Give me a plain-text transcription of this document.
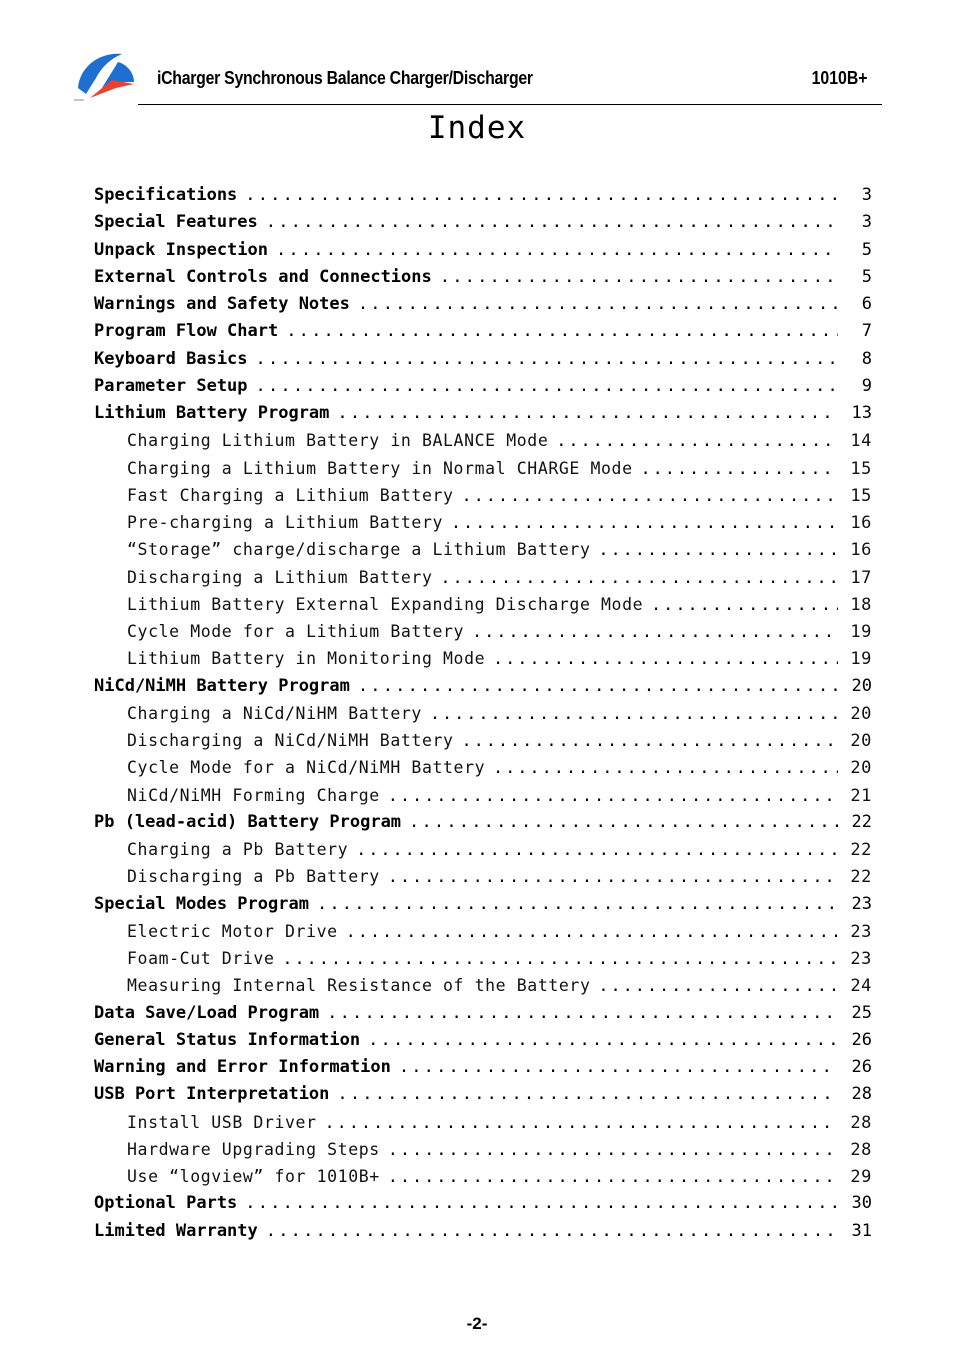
iCharger Synchronous Balance Charger/Discharger	1010B+
Index
Specifications .....	3
Special Features .....	3
Unpack Inspection .....	5
External Controls and Connections .....	5
Warnings and Safety Notes .....	6
Program Flow Chart .....	7
Keyboard Basics .....	8
Parameter Setup .....	9
Lithium Battery Program .....	13
Charging Lithium Battery in BALANCE Mode .....	14
Charging a Lithium Battery in Normal CHARGE Mode .....	15
Fast Charging a Lithium Battery .....	15
Pre-charging a Lithium Battery .....	16
“Storage” charge/discharge a Lithium Battery .....	16
Discharging a Lithium Battery .....	17
Lithium Battery External Expanding Discharge Mode .....	18
Cycle Mode for a Lithium Battery .....	19
Lithium Battery in Monitoring Mode .....	19
NiCd/NiMH Battery Program .....	20
Charging a NiCd/NiHM Battery .....	20
Discharging a NiCd/NiMH Battery .....	20
Cycle Mode for a NiCd/NiMH Battery .....	20
NiCd/NiMH Forming Charge .....	21
Pb (lead-acid) Battery Program .....	22
Charging a Pb Battery .....	22
Discharging a Pb Battery .....	22
Special Modes Program .....	23
Electric Motor Drive .....	23
Foam-Cut Drive .....	23
Measuring Internal Resistance of the Battery .....	24
Data Save/Load Program .....	25
General Status Information .....	26
Warning and Error Information .....	26
USB Port Interpretation .....	28
Install USB Driver .....	28
Hardware Upgrading Steps .....	28
Use “logview” for 1010B+ .....	29
Optional Parts .....	30
Limited Warranty .....	31
-2-
